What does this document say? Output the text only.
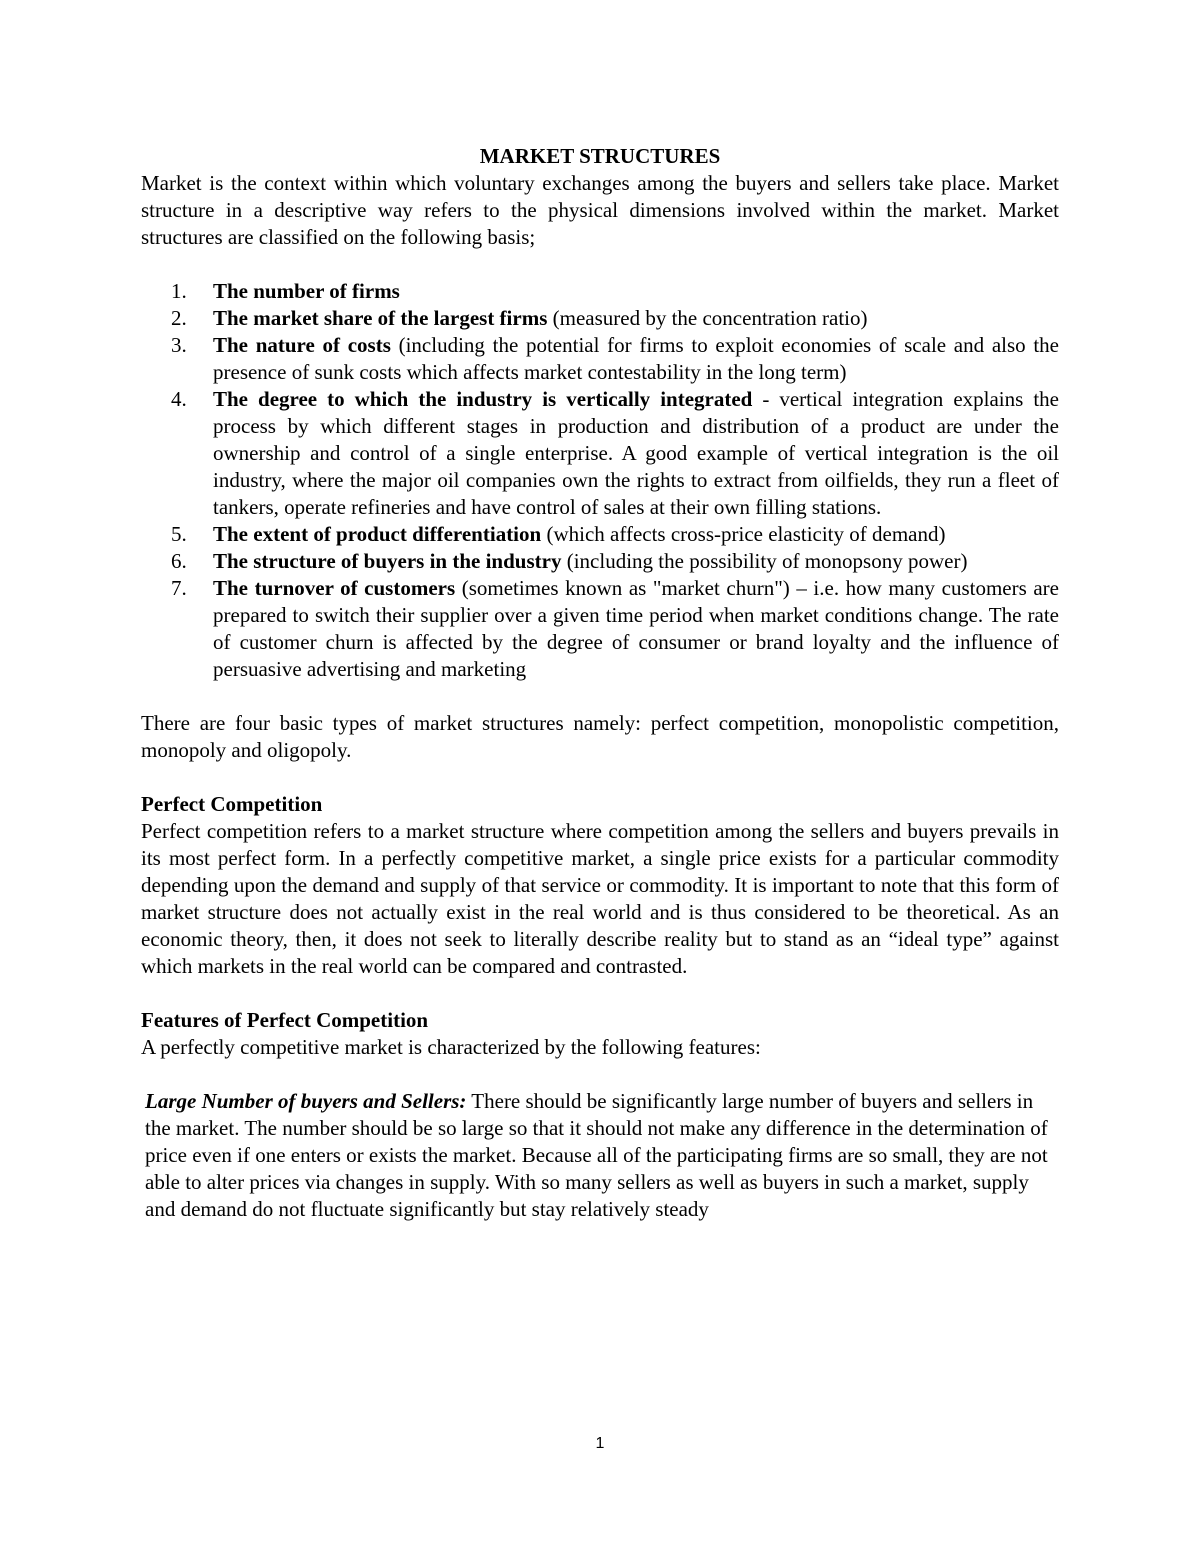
MARKET STRUCTURES

Market is the context within which voluntary exchanges among the buyers and sellers take place. Market structure in a descriptive way refers to the physical dimensions involved within the market. Market structures are classified on the following basis;

1. The number of firms
2. The market share of the largest firms (measured by the concentration ratio)
3. The nature of costs (including the potential for firms to exploit economies of scale and also the presence of sunk costs which affects market contestability in the long term)
4. The degree to which the industry is vertically integrated - vertical integration explains the process by which different stages in production and distribution of a product are under the ownership and control of a single enterprise. A good example of vertical integration is the oil industry, where the major oil companies own the rights to extract from oilfields, they run a fleet of tankers, operate refineries and have control of sales at their own filling stations.
5. The extent of product differentiation (which affects cross-price elasticity of demand)
6. The structure of buyers in the industry (including the possibility of monopsony power)
7. The turnover of customers (sometimes known as "market churn") – i.e. how many customers are prepared to switch their supplier over a given time period when market conditions change. The rate of customer churn is affected by the degree of consumer or brand loyalty and the influence of persuasive advertising and marketing

There are four basic types of market structures namely: perfect competition, monopolistic competition, monopoly and oligopoly.

Perfect Competition

Perfect competition refers to a market structure where competition among the sellers and buyers prevails in its most perfect form. In a perfectly competitive market, a single price exists for a particular commodity depending upon the demand and supply of that service or commodity. It is important to note that this form of market structure does not actually exist in the real world and is thus considered to be theoretical. As an economic theory, then, it does not seek to literally describe reality but to stand as an “ideal type” against which markets in the real world can be compared and contrasted.

Features of Perfect Competition

A perfectly competitive market is characterized by the following features:

Large Number of buyers and Sellers: There should be significantly large number of buyers and sellers in the market. The number should be so large so that it should not make any difference in the determination of price even if one enters or exists the market. Because all of the participating firms are so small, they are not able to alter prices via changes in supply. With so many sellers as well as buyers in such a market, supply and demand do not fluctuate significantly but stay relatively steady

1
